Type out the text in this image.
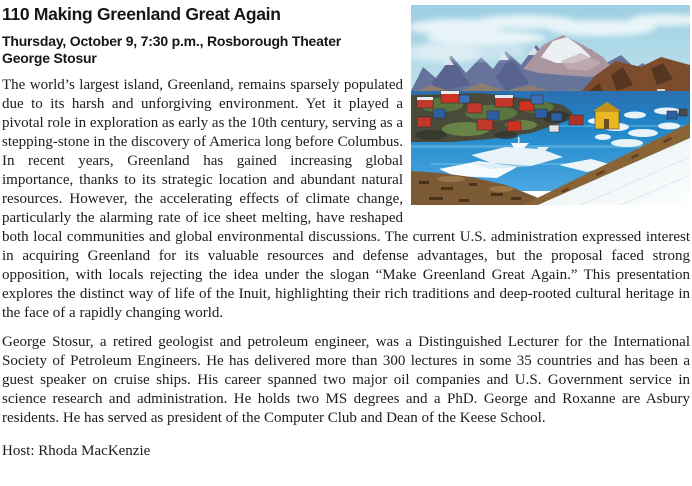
110 Making Greenland Great Again
Thursday, October 9, 7:30 p.m., Rosborough Theater
George Stosur

The world’s largest island, Greenland, remains sparsely populated due to its harsh and unforgiving environment. Yet it played a pivotal role in exploration as early as the 10th century, serving as a stepping-stone in the discovery of America long before Columbus. In recent years, Greenland has gained increasing global importance, thanks to its strategic location and abundant natural resources. However, the accelerating effects of climate change, particularly the alarming rate of ice sheet melting, have reshaped both local communities and global environmental discussions. The current U.S. administration expressed interest in acquiring Greenland for its valuable resources and defense advantages, but the proposal faced strong opposition, with locals rejecting the idea under the slogan “Make Greenland Great Again.” This presentation explores the distinct way of life of the Inuit, highlighting their rich traditions and deep-rooted cultural heritage in the face of a rapidly changing world.

George Stosur, a retired geologist and petroleum engineer, was a Distinguished Lecturer for the International Society of Petroleum Engineers. He has delivered more than 300 lectures in some 35 countries and has been a guest speaker on cruise ships. His career spanned two major oil companies and U.S. Government service in science research and administration. He holds two MS degrees and a PhD. George and Roxanne are Asbury residents. He has served as president of the Computer Club and Dean of the Keese School.

Host: Rhoda MacKenzie
